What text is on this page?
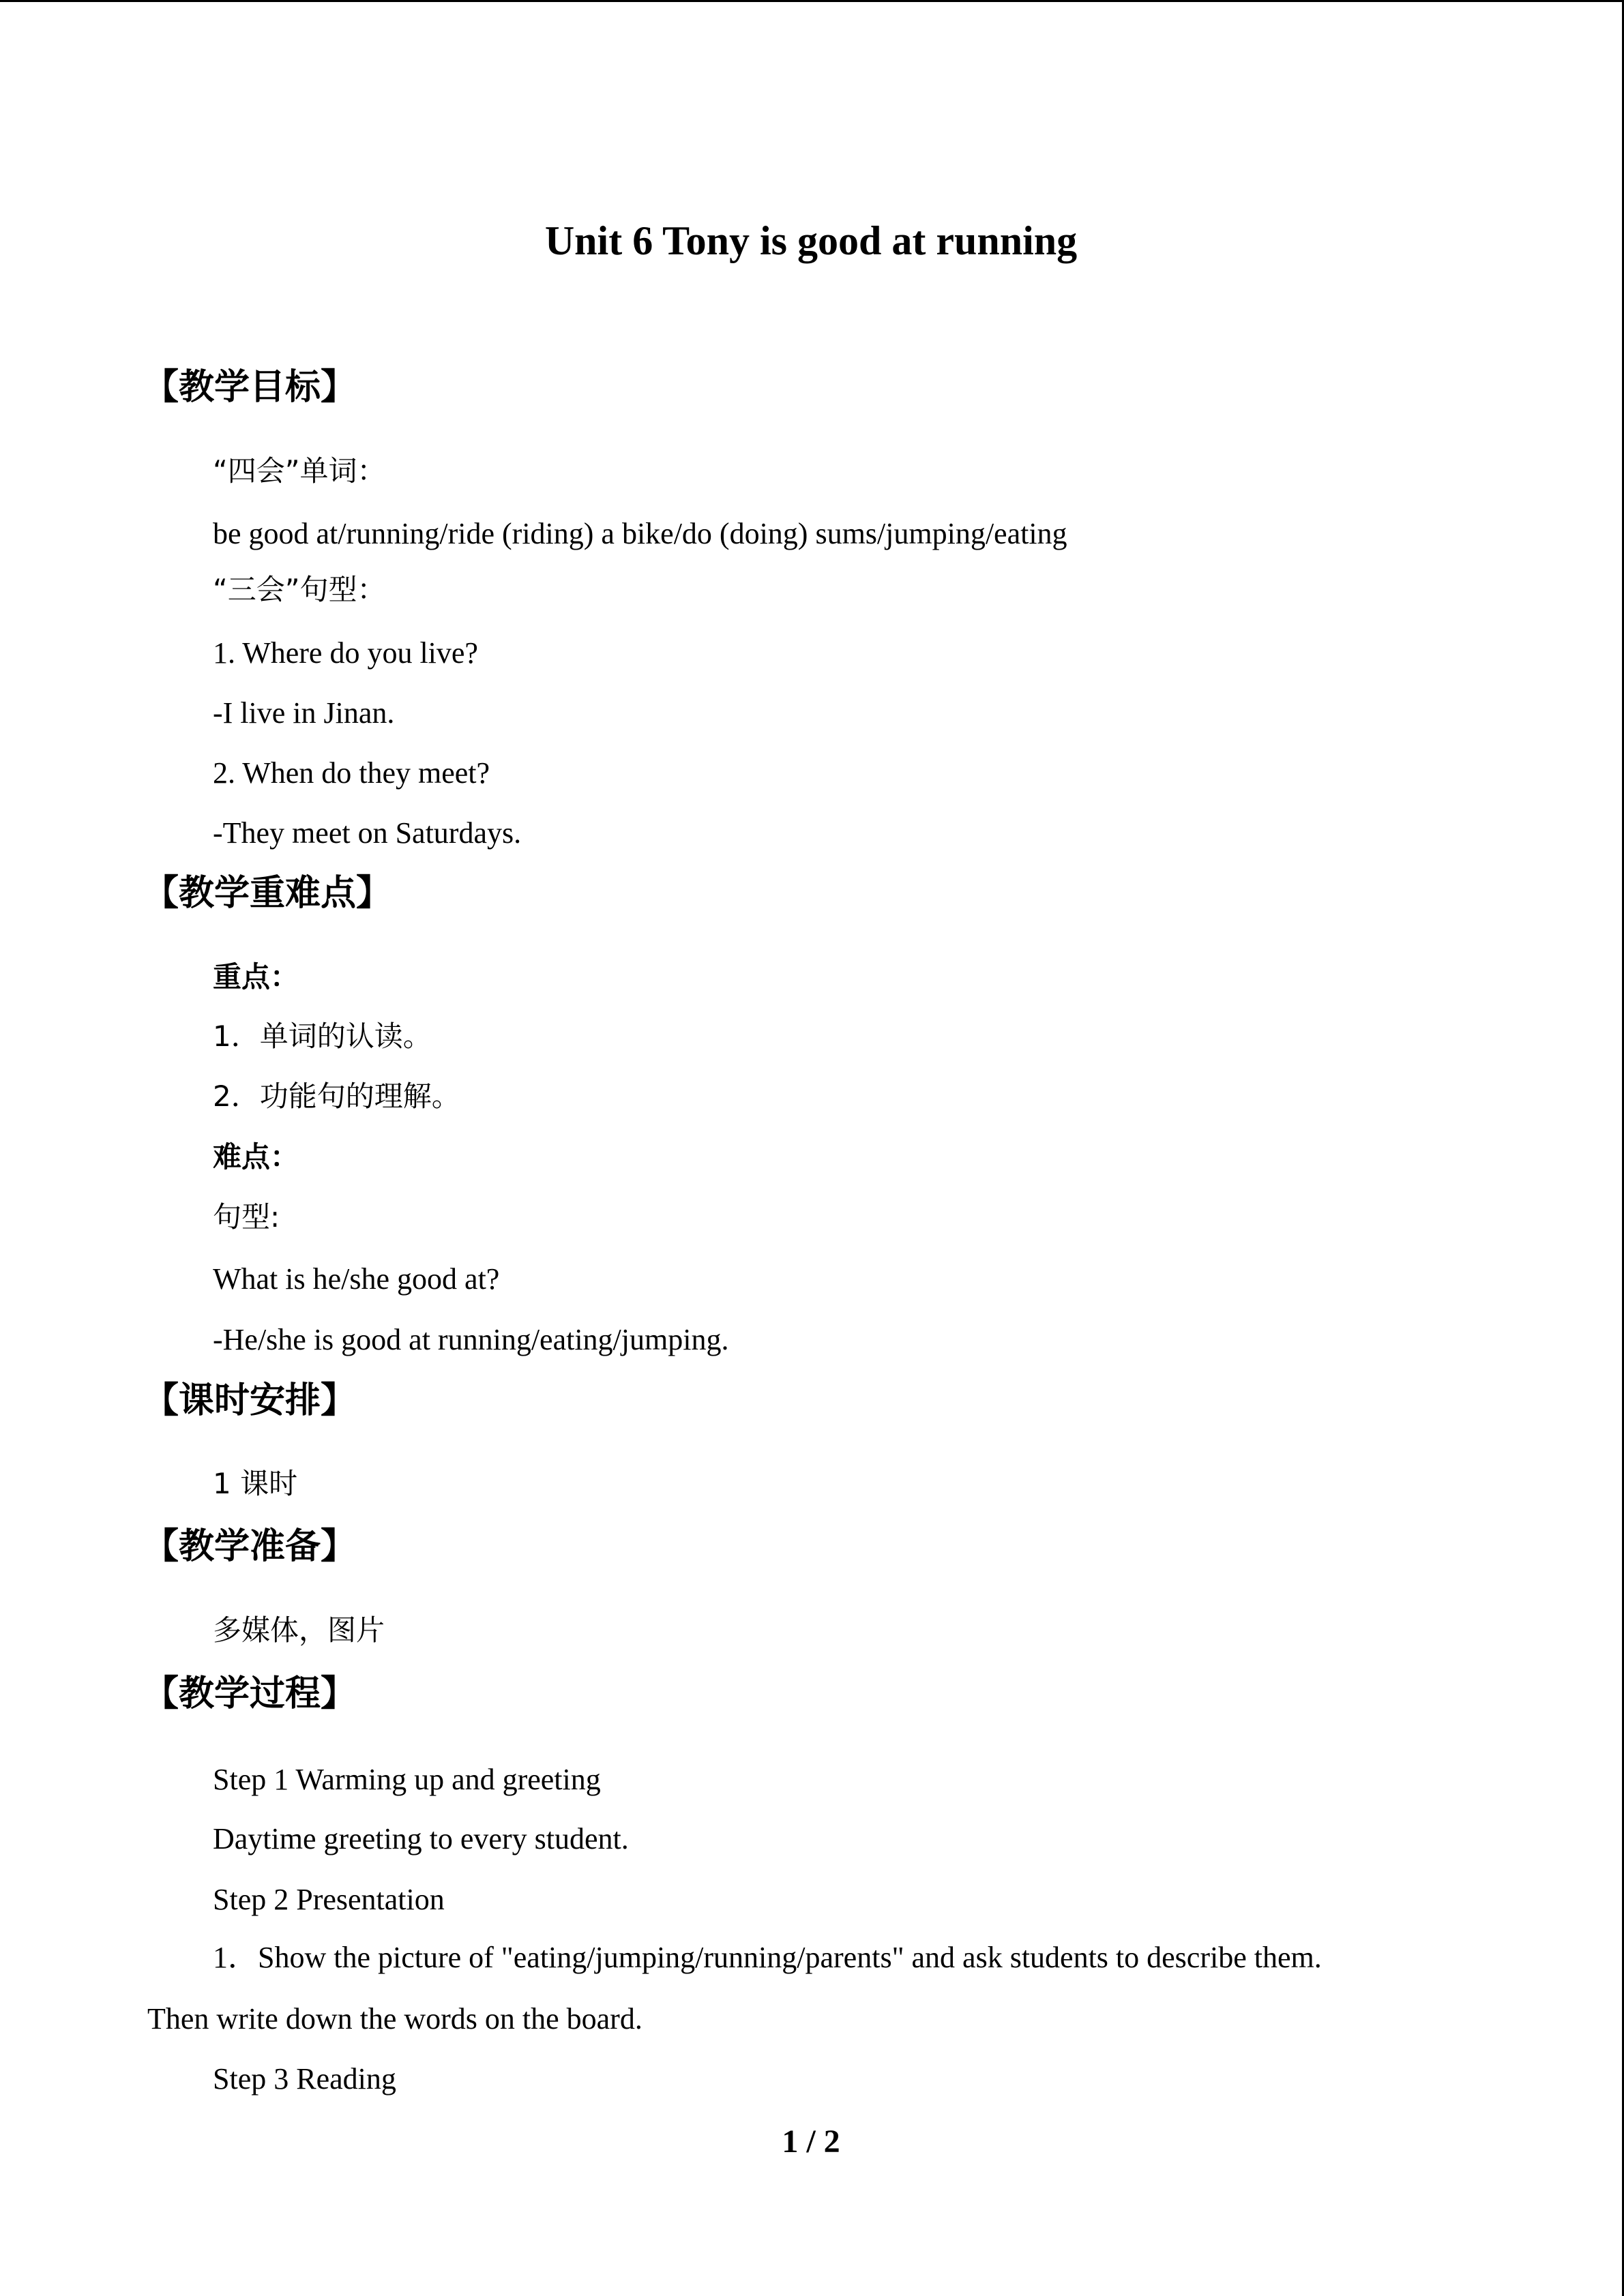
Unit 6 Tony is good at running
【教学目标】
“四会”单词：
be good at/running/ride (riding) a bike/do (doing) sums/jumping/eating
“三会”句型：
1. Where do you live?
-I live in Jinan.
2. When do they meet?
-They meet on Saturdays.
【教学重难点】
重点：
1．单词的认读。
2．功能句的理解。
难点：
句型:
What is he/she good at?
-He/she is good at running/eating/jumping.
【课时安排】
1 课时
【教学准备】
多媒体，图片
【教学过程】
Step 1 Warming up and greeting
Daytime greeting to every student.
Step 2 Presentation
1．Show the picture of "eating/jumping/running/parents" and ask students to describe them.
Then write down the words on the board.
Step 3 Reading
1 / 2
